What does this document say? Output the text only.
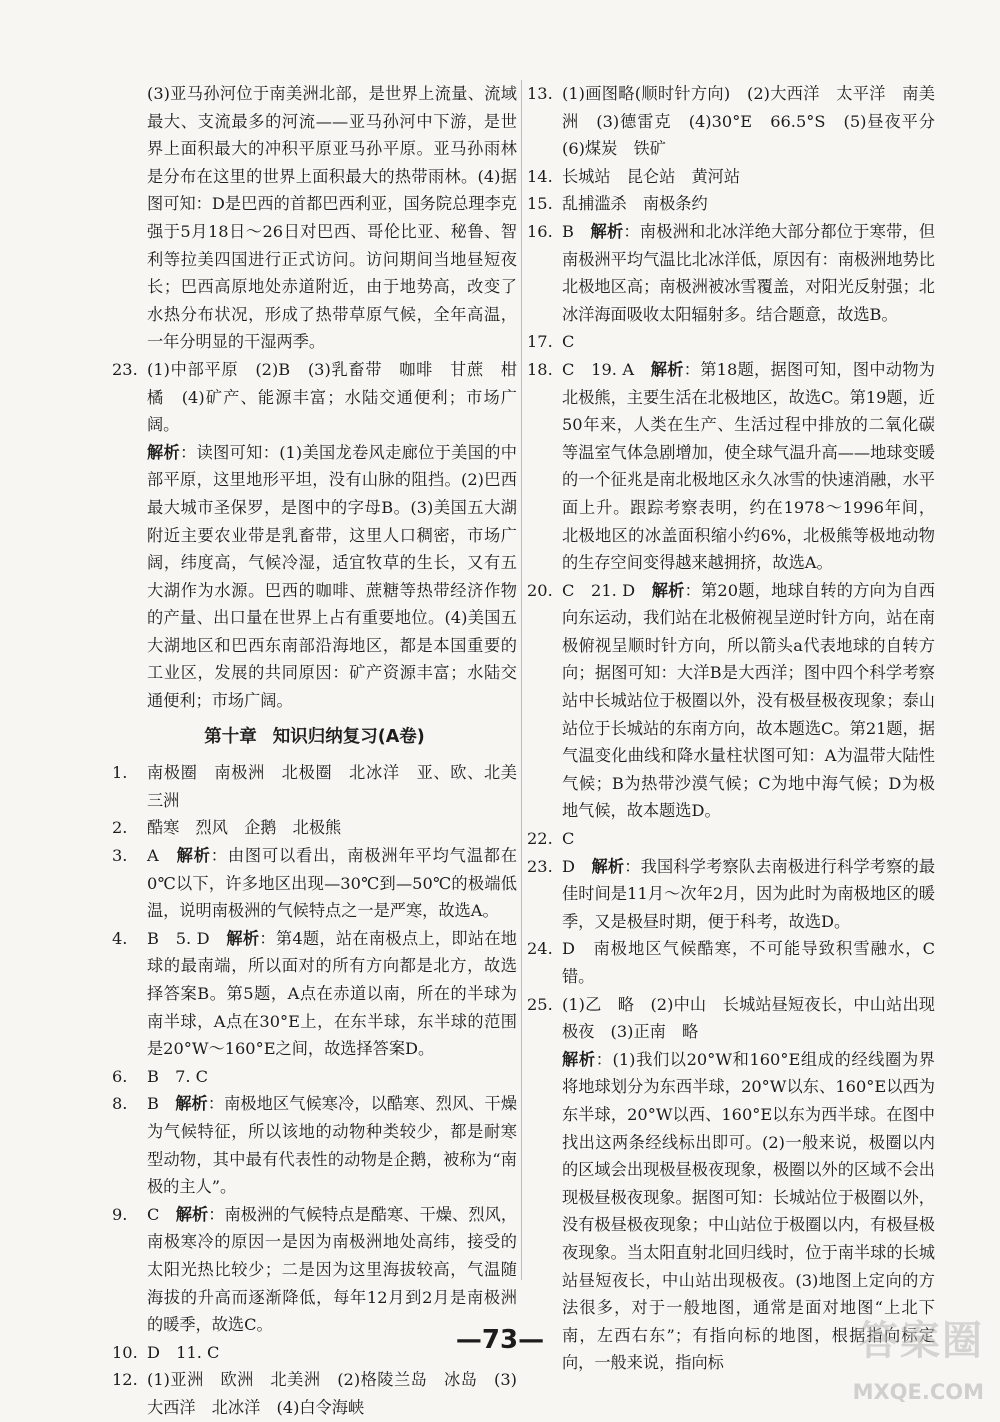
(3)亚马孙河位于南美洲北部，是世界上流量、流域最大、支流最多的河流——亚马孙河中下游，是世界上面积最大的冲积平原亚马孙平原。亚马孙雨林是分布在这里的世界上面积最大的热带雨林。(4)据图可知：D是巴西的首都巴西利亚，国务院总理李克强于5月18日～26日对巴西、哥伦比亚、秘鲁、智利等拉美四国进行正式访问。访问期间当地昼短夜长；巴西高原地处赤道附近，由于地势高，改变了水热分布状况，形成了热带草原气候，全年高温，一年分明显的干湿两季。
23. (1)中部平原　(2)B　(3)乳畜带　咖啡　甘蔗　柑橘　(4)矿产、能源丰富；水陆交通便利；市场广阔。
解析：读图可知：(1)美国龙卷风走廊位于美国的中部平原，这里地形平坦，没有山脉的阻挡。(2)巴西最大城市圣保罗，是图中的字母B。(3)美国五大湖附近主要农业带是乳畜带，这里人口稠密，市场广阔，纬度高，气候冷湿，适宜牧草的生长，又有五大湖作为水源。巴西的咖啡、蔗糖等热带经济作物的产量、出口量在世界上占有重要地位。(4)美国五大湖地区和巴西东南部沿海地区，都是本国重要的工业区，发展的共同原因：矿产资源丰富；水陆交通便利；市场广阔。
第十章 知识归纳复习(A卷)
1.	南极圈　南极洲　北极圈　北冰洋　亚、欧、北美三洲
2.	酷寒　烈风　企鹅　北极熊
3.	A　解析：由图可以看出，南极洲年平均气温都在0℃以下，许多地区出现—30℃到—50℃的极端低温，说明南极洲的气候特点之一是严寒，故选A。
4.	B　5. D　解析：第4题，站在南极点上，即站在地球的最南端，所以面对的所有方向都是北方，故选择答案B。第5题，A点在赤道以南，所在的半球为南半球，A点在30°E上，在东半球，东半球的范围是20°W～160°E之间，故选择答案D。
6.	B　7. C
8.	B　解析：南极地区气候寒冷，以酷寒、烈风、干燥为气候特征，所以该地的动物种类较少，都是耐寒型动物，其中最有代表性的动物是企鹅，被称为“南极的主人”。
9.	C　解析：南极洲的气候特点是酷寒、干燥、烈风，南极寒冷的原因一是因为南极洲地处高纬，接受的太阳光热比较少；二是因为这里海拔较高，气温随海拔的升高而逐渐降低，每年12月到2月是南极洲的暖季，故选C。
10. D　11. C
12. (1)亚洲　欧洲　北美洲　(2)格陵兰岛　冰岛　(3)大西洋　北冰洋　(4)白令海峡
13. (1)画图略(顺时针方向)　(2)大西洋　太平洋　南美洲　(3)德雷克　(4)30°E　66.5°S　(5)昼夜平分　(6)煤炭　铁矿
14. 长城站　昆仑站　黄河站
15. 乱捕滥杀　南极条约
16. B　解析：南极洲和北冰洋绝大部分都位于寒带，但南极洲平均气温比北冰洋低，原因有：南极洲地势比北极地区高；南极洲被冰雪覆盖，对阳光反射强；北冰洋海面吸收太阳辐射多。结合题意，故选B。
17. C
18. C　19. A　解析：第18题，据图可知，图中动物为北极熊，主要生活在北极地区，故选C。第19题，近50年来，人类在生产、生活过程中排放的二氧化碳等温室气体急剧增加，使全球气温升高——地球变暖的一个征兆是南北极地区永久冰雪的快速消融，水平面上升。跟踪考察表明，约在1978～1996年间，北极地区的冰盖面积缩小约6%，北极熊等极地动物的生存空间变得越来越拥挤，故选A。
20. C　21. D　解析：第20题，地球自转的方向为自西向东运动，我们站在北极俯视呈逆时针方向，站在南极俯视呈顺时针方向，所以箭头a代表地球的自转方向；据图可知：大洋B是大西洋；图中四个科学考察站中长城站位于极圈以外，没有极昼极夜现象；泰山站位于长城站的东南方向，故本题选C。第21题，据气温变化曲线和降水量柱状图可知：A为温带大陆性气候；B为热带沙漠气候；C为地中海气候；D为极地气候，故本题选D。
22. C
23. D　解析：我国科学考察队去南极进行科学考察的最佳时间是11月～次年2月，因为此时为南极地区的暖季，又是极昼时期，便于科考，故选D。
24. D　南极地区气候酷寒，不可能导致积雪融水，C错。
25. (1)乙　略　(2)中山　长城站昼短夜长，中山站出现极夜　(3)正南　略
解析：(1)我们以20°W和160°E组成的经线圈为界将地球划分为东西半球，20°W以东、160°E以西为东半球，20°W以西、160°E以东为西半球。在图中找出这两条经线标出即可。(2)一般来说，极圈以内的区域会出现极昼极夜现象，极圈以外的区域不会出现极昼极夜现象。据图可知：长城站位于极圈以外，没有极昼极夜现象；中山站位于极圈以内，有极昼极夜现象。当太阳直射北回归线时，位于南半球的长城站昼短夜长，中山站出现极夜。(3)地图上定向的方法很多，对于一般地图，通常是面对地图“上北下南，左西右东”；有指向标的地图，根据指向标定向，一般来说，指向标
—73—	答案圈
MXQE.COM
